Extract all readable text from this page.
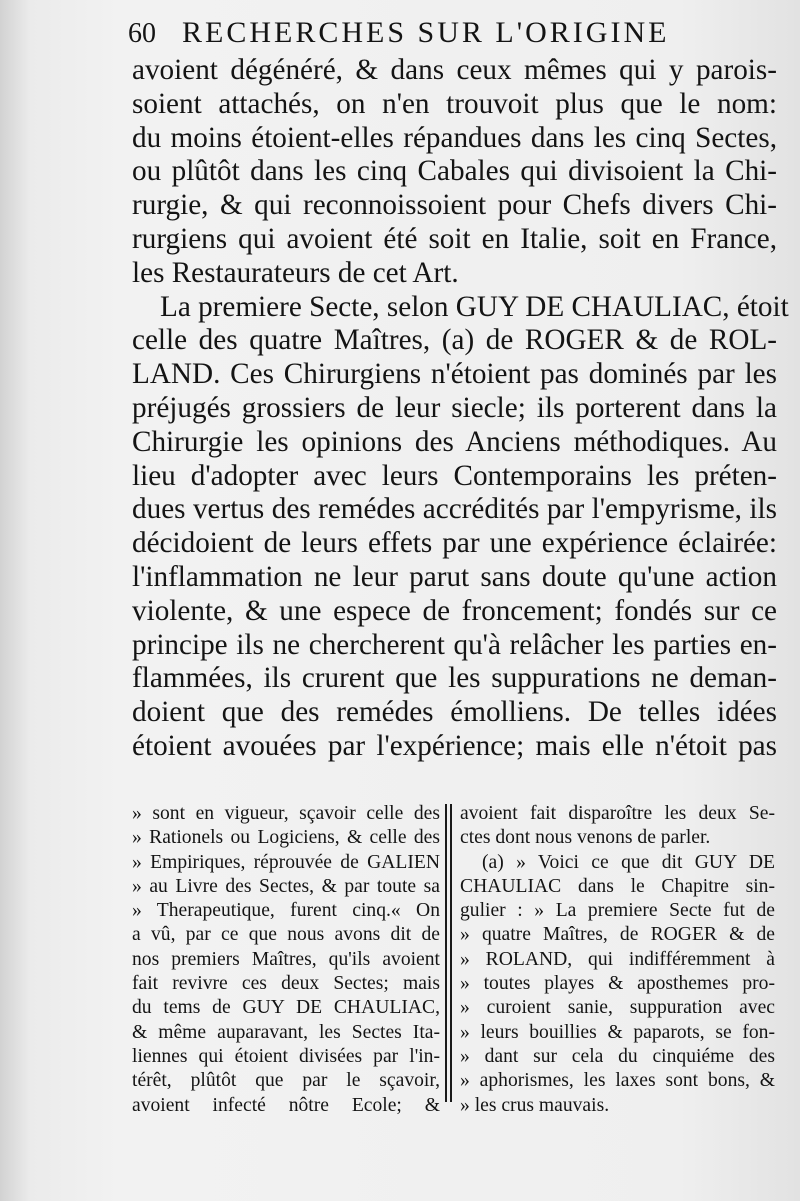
60 RECHERCHES SUR L'ORIGINE
avoient dégénéré, & dans ceux mêmes qui y parois-
soient attachés, on n'en trouvoit plus que le nom:
du moins étoient-elles répandues dans les cinq Sectes,
ou plûtôt dans les cinq Cabales qui divisoient la Chi-
rurgie, & qui reconnoissoient pour Chefs divers Chi-
rurgiens qui avoient été soit en Italie, soit en France,
les Restaurateurs de cet Art.
La premiere Secte, selon GUY DE CHAULIAC, étoit
celle des quatre Maîtres, (a) de ROGER & de ROL-
LAND. Ces Chirurgiens n'étoient pas dominés par les
préjugés grossiers de leur siecle; ils porterent dans la
Chirurgie les opinions des Anciens méthodiques. Au
lieu d'adopter avec leurs Contemporains les préten-
dues vertus des remédes accrédités par l'empyrisme, ils
décidoient de leurs effets par une expérience éclairée:
l'inflammation ne leur parut sans doute qu'une action
violente, & une espece de froncement; fondés sur ce
principe ils ne chercherent qu'à relâcher les parties en-
flammées, ils crurent que les suppurations ne deman-
doient que des remédes émolliens. De telles idées
étoient avouées par l'expérience; mais elle n'étoit pas
» sont en vigueur, sçavoir celle des
» Rationels ou Logiciens, & celle des
» Empiriques, réprouvée de GALIEN
» au Livre des Sectes, & par toute sa
» Therapeutique, furent cinq.« On
a vû, par ce que nous avons dit de
nos premiers Maîtres, qu'ils avoient
fait revivre ces deux Sectes; mais
du tems de GUY DE CHAULIAC,
& même auparavant, les Sectes Ita-
liennes qui étoient divisées par l'in-
térêt, plûtôt que par le sçavoir,
avoient infecté nôtre Ecole; &
avoient fait disparoître les deux Se-
ctes dont nous venons de parler.
(a) » Voici ce que dit GUY DE
CHAULIAC dans le Chapitre sin-
gulier : » La premiere Secte fut de
» quatre Maîtres, de ROGER & de
» ROLAND, qui indifféremment à
» toutes playes & aposthemes pro-
» curoient sanie, suppuration avec
» leurs bouillies & paparots, se fon-
» dant sur cela du cinquiéme des
» aphorismes, les laxes sont bons, &
» les crus mauvais.
